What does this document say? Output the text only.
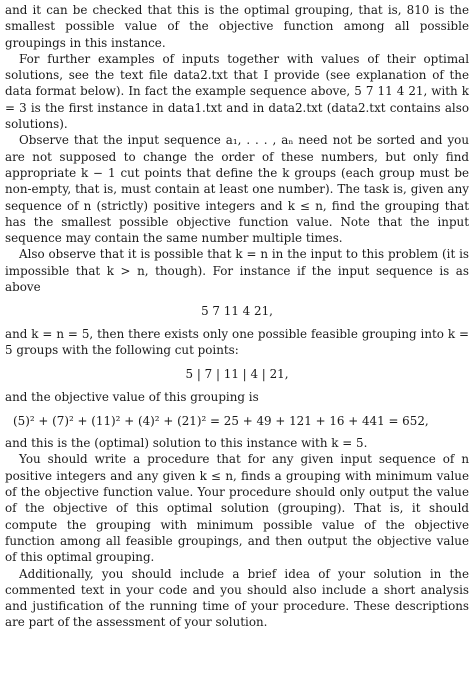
and it can be checked that this is the optimal grouping, that is, 810 is the smallest possible value of the objective function among all possible groupings in this instance.

For further examples of inputs together with values of their optimal solutions, see the text file data2.txt that I provide (see explanation of the data format below). In fact the example sequence above, 5 7 11 4 21, with k = 3 is the first instance in data1.txt and in data2.txt (data2.txt contains also solutions).

Observe that the input sequence a₁, . . . , aₙ need not be sorted and you are not supposed to change the order of these numbers, but only find appropriate k − 1 cut points that define the k groups (each group must be non-empty, that is, must contain at least one number). The task is, given any sequence of n (strictly) positive integers and k ≤ n, find the grouping that has the smallest possible objective function value. Note that the input sequence may contain the same number multiple times.

Also observe that it is possible that k = n in the input to this problem (it is impossible that k > n, though). For instance if the input sequence is as above

5 7 11 4 21,

and k = n = 5, then there exists only one possible feasible grouping into k = 5 groups with the following cut points:

5 | 7 | 11 | 4 | 21,

and the objective value of this grouping is

(5)² + (7)² + (11)² + (4)² + (21)² = 25 + 49 + 121 + 16 + 441 = 652,

and this is the (optimal) solution to this instance with k = 5.

You should write a procedure that for any given input sequence of n positive integers and any given k ≤ n, finds a grouping with minimum value of the objective function value. Your procedure should only output the value of the objective of this optimal solution (grouping). That is, it should compute the grouping with minimum possible value of the objective function among all feasible groupings, and then output the objective value of this optimal grouping.

Additionally, you should include a brief idea of your solution in the commented text in your code and you should also include a short analysis and justification of the running time of your procedure. These descriptions are part of the assessment of your solution.
